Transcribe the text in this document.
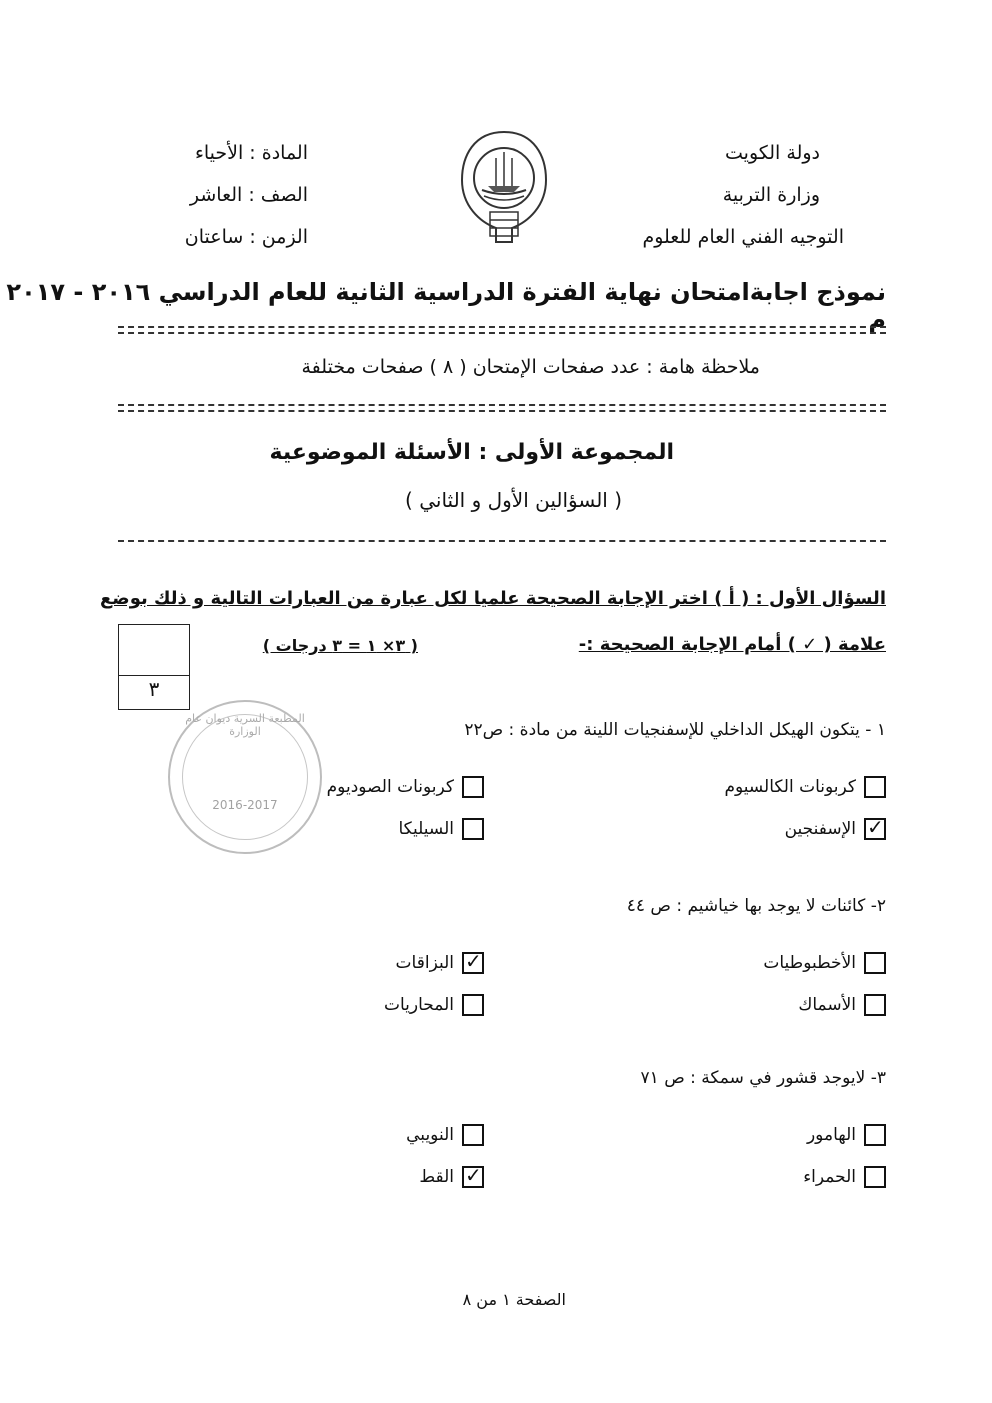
دولة الكويت
وزارة التربية
التوجيه الفني العام للعلوم
المادة : الأحياء
الصف : العاشر
الزمن : ساعتان
نموذج اجابةامتحان نهاية الفترة الدراسية الثانية للعام الدراسي ٢٠١٦ - ٢٠١٧ م
ملاحظة هامة : عدد صفحات الإمتحان ( ٨ ) صفحات مختلفة
المجموعة الأولى : الأسئلة الموضوعية
( السؤالين الأول و الثاني )
السؤال الأول : ( أ ) اختر الإجابة الصحيحة علميا لكل عبارة من العبارات التالية و ذلك بوضع
علامة ( ✓ ) أمام الإجابة الصحيحة :-
( ٣× ١ = ٣ درجات )
٣
المطبعة السرية ديوان عام الوزارة
2016-2017
١ - يتكون الهيكل الداخلي للإسفنجيات اللينة من مادة : ص٢٢
كربونات الكالسيوم
كربونات الصوديوم
✓
الإسفنجين
السيليكا
٢- كائنات لا يوجد بها خياشيم : ص ٤٤
الأخطبوطيات
✓
البزاقات
الأسماك
المحاريات
٣- لايوجد قشور في سمكة : ص ٧١
الهامور
النويبي
الحمراء
✓
القط
الصفحة ١ من ٨
